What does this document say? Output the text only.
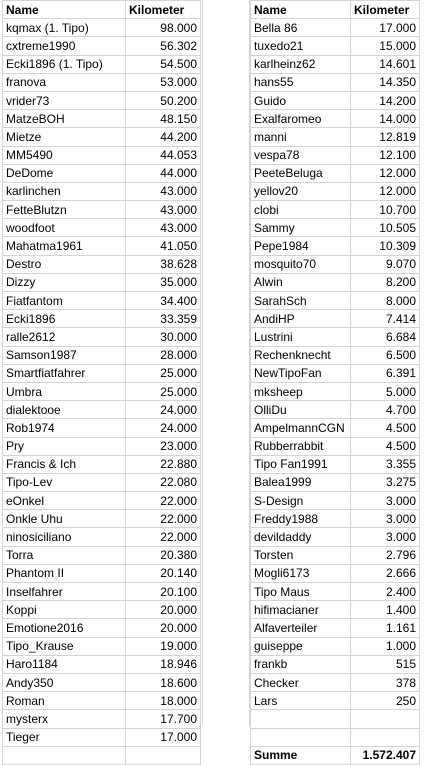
Name	Kilometer
kqmax (1. Tipo)	98.000
cxtreme1990	56.302
Ecki1896 (1. Tipo)	54.500
franova	53.000
vrider73	50.200
MatzeBOH	48.150
Mietze	44.200
MM5490	44.053
DeDome	44.000
karlinchen	43.000
FetteBlutzn	43.000
woodfoot	43.000
Mahatma1961	41.050
Destro	38.628
Dizzy	35.000
Fiatfantom	34.400
Ecki1896	33.359
ralle2612	30.000
Samson1987	28.000
Smartfiatfahrer	25.000
Umbra	25.000
dialektooe	24.000
Rob1974	24.000
Pry	23.000
Francis & Ich	22.880
Tipo-Lev	22.080
eOnkel	22.000
Onkle Uhu	22.000
ninosiciliano	22.000
Torra	20.380
Phantom II	20.140
Inselfahrer	20.100
Koppi	20.000
Emotione2016	20.000
Tipo_Krause	19.000
Haro1184	18.946
Andy350	18.600
Roman	18.000
mysterx	17.700
Tieger	17.000

Name	Kilometer
Bella 86	17.000
tuxedo21	15.000
karlheinz62	14.601
hans55	14.350
Guido	14.200
Exalfaromeo	14.000
manni	12.819
vespa78	12.100
PeeteBeluga	12.000
yellov20	12.000
clobi	10.700
Sammy	10.505
Pepe1984	10.309
mosquito70	9.070
Alwin	8.200
SarahSch	8.000
AndiHP	7.414
Lustrini	6.684
Rechenknecht	6.500
NewTipoFan	6.391
mksheep	5.000
OlliDu	4.700
AmpelmannCGN	4.500
Rubberrabbit	4.500
Tipo Fan1991	3.355
Balea1999	3.275
S-Design	3.000
Freddy1988	3.000
devildaddy	3.000
Torsten	2.796
Mogli6173	2.666
Tipo Maus	2.400
hifimacianer	1.400
Alfaverteiler	1.161
guiseppe	1.000
frankb	515
Checker	378
Lars	250

Summe	1.572.407
